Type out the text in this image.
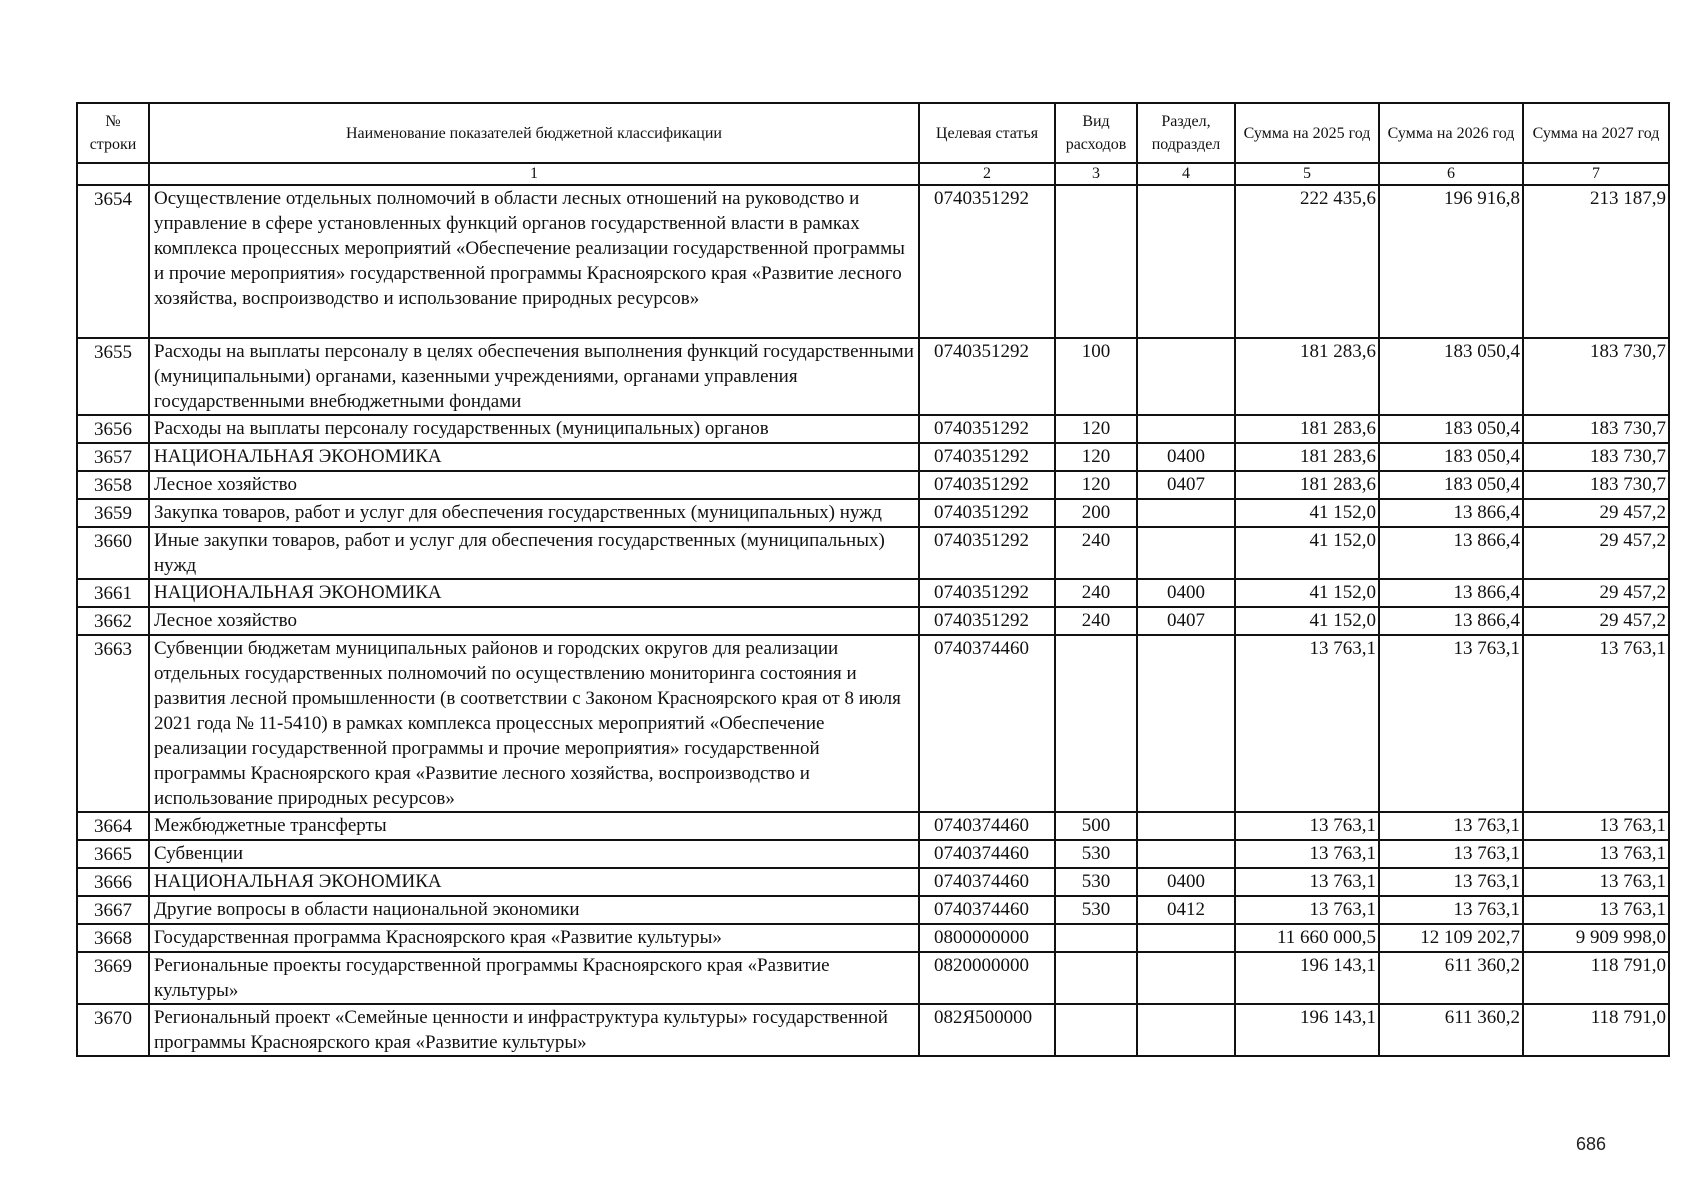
№ строки	Наименование показателей бюджетной классификации	Целевая статья	Вид расходов	Раздел, подраздел	Сумма на 2025 год	Сумма на 2026 год	Сумма на 2027 год
	1	2	3	4	5	6	7
3654	Осуществление отдельных полномочий в области лесных отношений на руководство и управление в сфере установленных функций органов государственной власти в рамках комплекса процессных мероприятий «Обеспечение реализации государственной программы и прочие мероприятия» государственной программы Красноярского края «Развитие лесного хозяйства, воспроизводство и использование природных ресурсов»	0740351292			222 435,6	196 916,8	213 187,9
3655	Расходы на выплаты персоналу в целях обеспечения выполнения функций государственными (муниципальными) органами, казенными учреждениями, органами управления государственными внебюджетными фондами	0740351292	100		181 283,6	183 050,4	183 730,7
3656	Расходы на выплаты персоналу государственных (муниципальных) органов	0740351292	120		181 283,6	183 050,4	183 730,7
3657	НАЦИОНАЛЬНАЯ ЭКОНОМИКА	0740351292	120	0400	181 283,6	183 050,4	183 730,7
3658	Лесное хозяйство	0740351292	120	0407	181 283,6	183 050,4	183 730,7
3659	Закупка товаров, работ и услуг для обеспечения государственных (муниципальных) нужд	0740351292	200		41 152,0	13 866,4	29 457,2
3660	Иные закупки товаров, работ и услуг для обеспечения государственных (муниципальных) нужд	0740351292	240		41 152,0	13 866,4	29 457,2
3661	НАЦИОНАЛЬНАЯ ЭКОНОМИКА	0740351292	240	0400	41 152,0	13 866,4	29 457,2
3662	Лесное хозяйство	0740351292	240	0407	41 152,0	13 866,4	29 457,2
3663	Субвенции бюджетам муниципальных районов и городских округов для реализации отдельных государственных полномочий по осуществлению мониторинга состояния и развития лесной промышленности (в соответствии с Законом Красноярского края от 8 июля 2021 года № 11-5410) в рамках комплекса процессных мероприятий «Обеспечение реализации государственной программы и прочие мероприятия» государственной программы Красноярского края «Развитие лесного хозяйства, воспроизводство и использование природных ресурсов»	0740374460			13 763,1	13 763,1	13 763,1
3664	Межбюджетные трансферты	0740374460	500		13 763,1	13 763,1	13 763,1
3665	Субвенции	0740374460	530		13 763,1	13 763,1	13 763,1
3666	НАЦИОНАЛЬНАЯ ЭКОНОМИКА	0740374460	530	0400	13 763,1	13 763,1	13 763,1
3667	Другие вопросы в области национальной экономики	0740374460	530	0412	13 763,1	13 763,1	13 763,1
3668	Государственная программа Красноярского края «Развитие культуры»	0800000000			11 660 000,5	12 109 202,7	9 909 998,0
3669	Региональные проекты государственной программы Красноярского края «Развитие культуры»	0820000000			196 143,1	611 360,2	118 791,0
3670	Региональный проект «Семейные ценности и инфраструктура культуры» государственной программы Красноярского края «Развитие культуры»	082Я500000			196 143,1	611 360,2	118 791,0
686
